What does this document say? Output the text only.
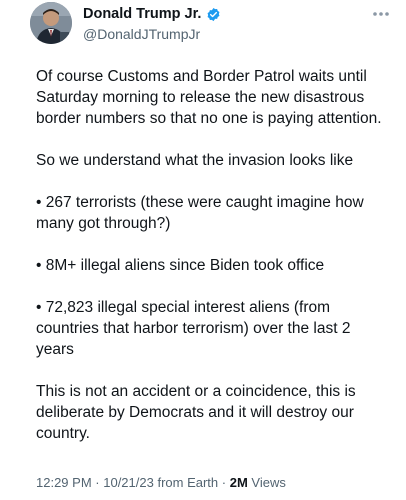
Donald Trump Jr.
@DonaldJTrumpJr

Of course Customs and Border Patrol waits until Saturday morning to release the new disastrous border numbers so that no one is paying attention.

So we understand what the invasion looks like

• 267 terrorists (these were caught imagine how many got through?)

• 8M+ illegal aliens since Biden took office

• 72,823 illegal special interest aliens (from countries that harbor terrorism) over the last 2 years

This is not an accident or a coincidence, this is deliberate by Democrats and it will destroy our country.

12:29 PM · 10/21/23 from Earth · 2M Views
